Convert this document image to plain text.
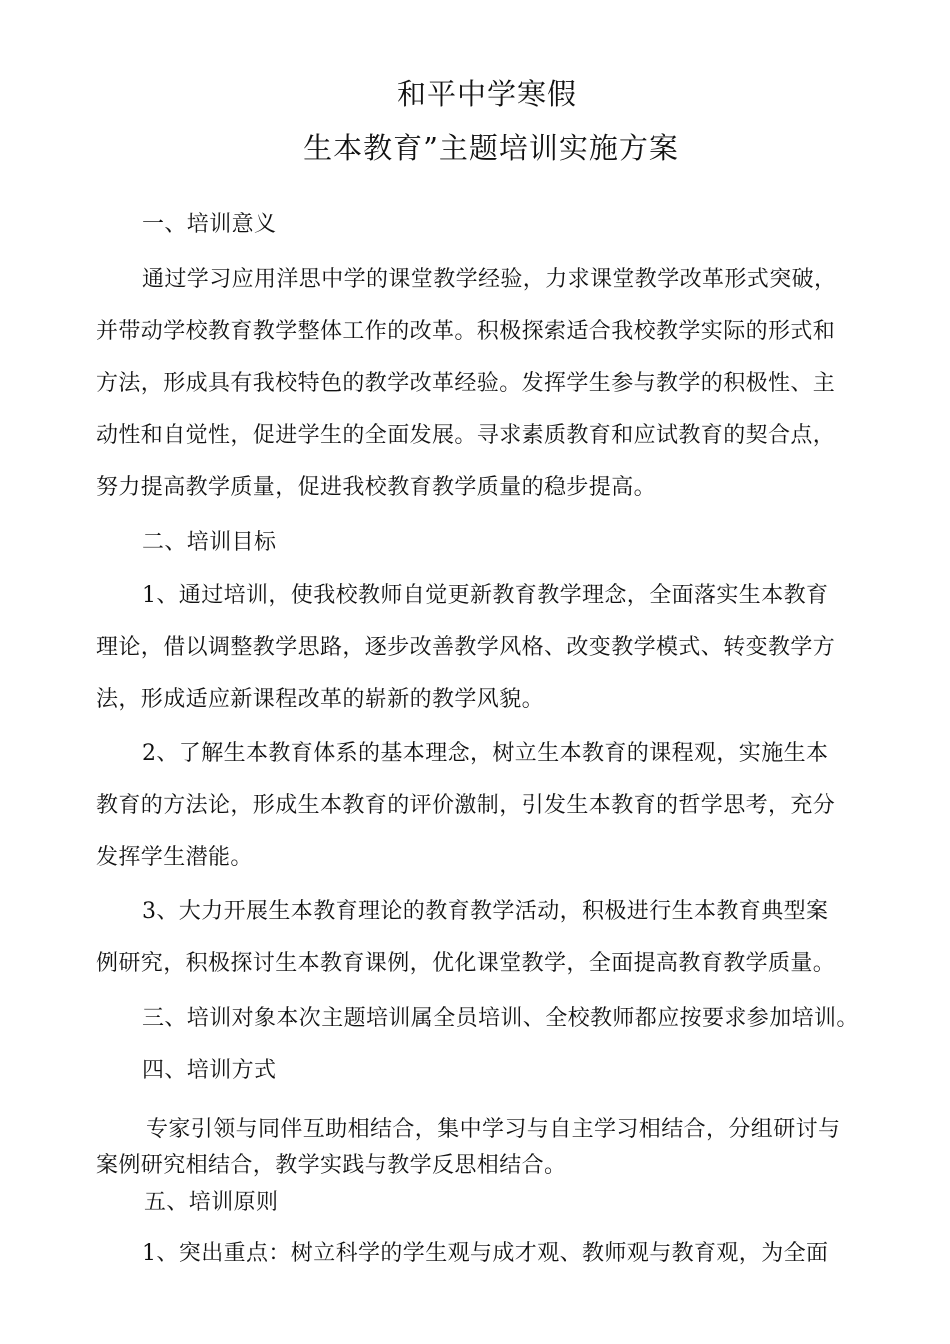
和平中学寒假
生本教育”主题培训实施方案
一、培训意义
通过学习应用洋思中学的课堂教学经验，力求课堂教学改革形式突破，
并带动学校教育教学整体工作的改革。积极探索适合我校教学实际的形式和
方法，形成具有我校特色的教学改革经验。发挥学生参与教学的积极性、主
动性和自觉性，促进学生的全面发展。寻求素质教育和应试教育的契合点，
努力提高教学质量，促进我校教育教学质量的稳步提高。
二、培训目标
1、通过培训，使我校教师自觉更新教育教学理念，全面落实生本教育
理论，借以调整教学思路，逐步改善教学风格、改变教学模式、转变教学方
法，形成适应新课程改革的崭新的教学风貌。
2、了解生本教育体系的基本理念，树立生本教育的课程观，实施生本
教育的方法论，形成生本教育的评价激制，引发生本教育的哲学思考，充分
发挥学生潜能。
3、大力开展生本教育理论的教育教学活动，积极进行生本教育典型案
例研究，积极探讨生本教育课例，优化课堂教学，全面提高教育教学质量。
三、培训对象本次主题培训属全员培训、全校教师都应按要求参加培训。
四、培训方式
专家引领与同伴互助相结合，集中学习与自主学习相结合，分组研讨与
案例研究相结合，教学实践与教学反思相结合。
五、培训原则
1、突出重点：树立科学的学生观与成才观、教师观与教育观，为全面
